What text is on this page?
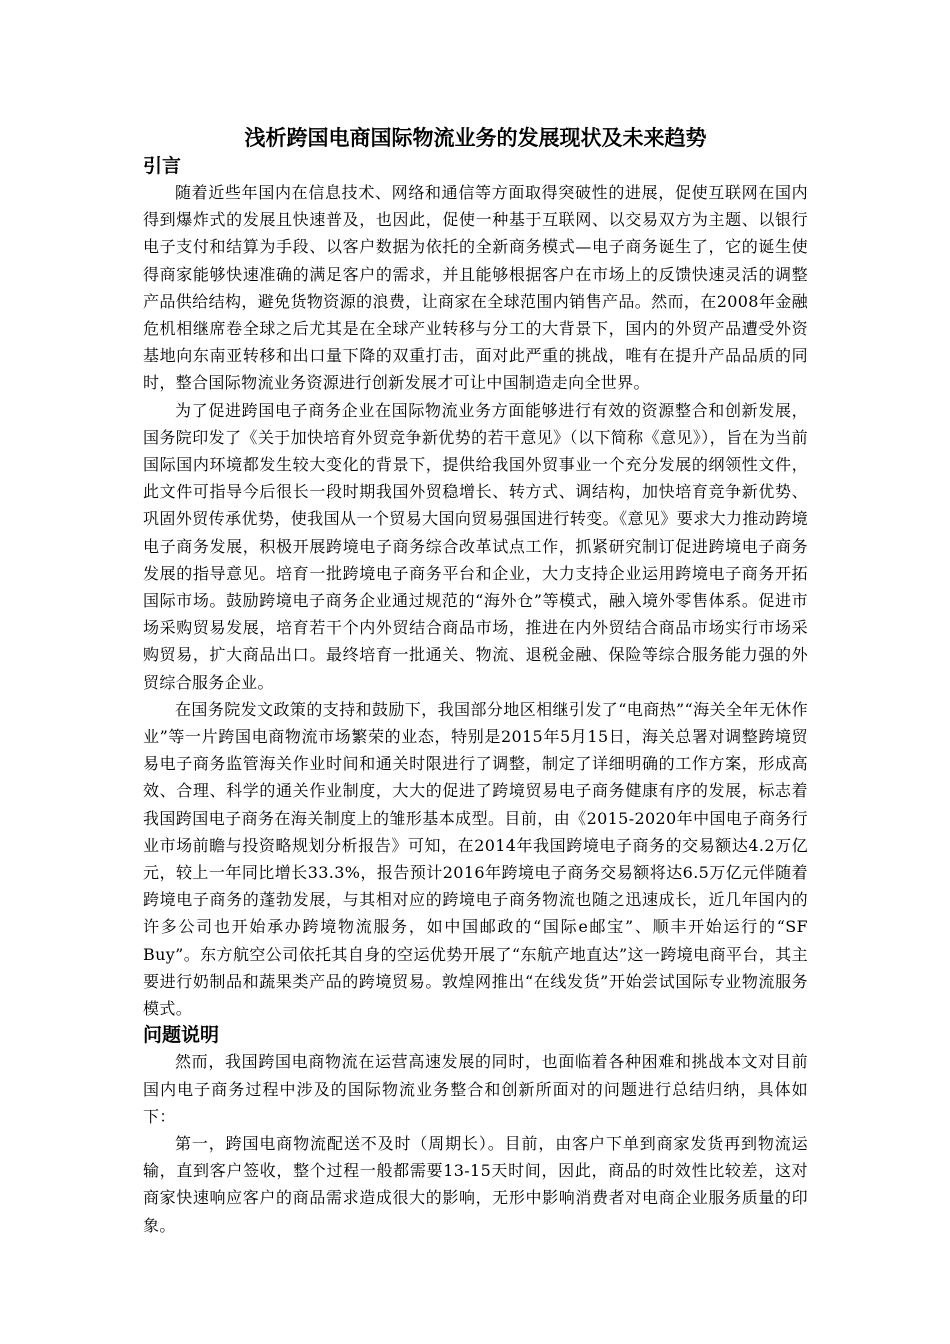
浅析跨国电商国际物流业务的发展现状及未来趋势
引言

随着近些年国内在信息技术、网络和通信等方面取得突破性的进展，促使互联网在国内得到爆炸式的发展且快速普及，也因此，促使一种基于互联网、以交易双方为主题、以银行电子支付和结算为手段、以客户数据为依托的全新商务模式—电子商务诞生了，它的诞生使得商家能够快速准确的满足客户的需求，并且能够根据客户在市场上的反馈快速灵活的调整产品供给结构，避免货物资源的浪费，让商家在全球范围内销售产品。然而，在2008年金融危机相继席卷全球之后尤其是在全球产业转移与分工的大背景下，国内的外贸产品遭受外资基地向东南亚转移和出口量下降的双重打击，面对此严重的挑战，唯有在提升产品品质的同时，整合国际物流业务资源进行创新发展才可让中国制造走向全世界。

为了促进跨国电子商务企业在国际物流业务方面能够进行有效的资源整合和创新发展，国务院印发了《关于加快培育外贸竞争新优势的若干意见》（以下简称《意见》），旨在为当前国际国内环境都发生较大变化的背景下，提供给我国外贸事业一个充分发展的纲领性文件，此文件可指导今后很长一段时期我国外贸稳增长、转方式、调结构，加快培育竞争新优势、巩固外贸传承优势，使我国从一个贸易大国向贸易强国进行转变。《意见》要求大力推动跨境电子商务发展，积极开展跨境电子商务综合改革试点工作，抓紧研究制订促进跨境电子商务发展的指导意见。培育一批跨境电子商务平台和企业，大力支持企业运用跨境电子商务开拓国际市场。鼓励跨境电子商务企业通过规范的“海外仓”等模式，融入境外零售体系。促进市场采购贸易发展，培育若干个内外贸结合商品市场，推进在内外贸结合商品市场实行市场采购贸易，扩大商品出口。最终培育一批通关、物流、退税金融、保险等综合服务能力强的外贸综合服务企业。

在国务院发文政策的支持和鼓励下，我国部分地区相继引发了“电商热”“海关全年无休作业”等一片跨国电商物流市场繁荣的业态，特别是2015年5月15日，海关总署对调整跨境贸易电子商务监管海关作业时间和通关时限进行了调整，制定了详细明确的工作方案，形成高效、合理、科学的通关作业制度，大大的促进了跨境贸易电子商务健康有序的发展，标志着我国跨国电子商务在海关制度上的雏形基本成型。目前，由《2015-2020年中国电子商务行业市场前瞻与投资略规划分析报告》可知，在2014年我国跨境电子商务的交易额达4.2万亿元，较上一年同比增长33.3%，报告预计2016年跨境电子商务交易额将达6.5万亿元伴随着跨境电子商务的蓬勃发展，与其相对应的跨境电子商务物流也随之迅速成长，近几年国内的许多公司也开始承办跨境物流服务，如中国邮政的“国际e邮宝”、顺丰开始运行的“SF Buy”。东方航空公司依托其自身的空运优势开展了“东航产地直达”这一跨境电商平台，其主要进行奶制品和蔬果类产品的跨境贸易。敦煌网推出“在线发货”开始尝试国际专业物流服务模式。

问题说明

然而，我国跨国电商物流在运营高速发展的同时，也面临着各种困难和挑战本文对目前国内电子商务过程中涉及的国际物流业务整合和创新所面对的问题进行总结归纳，具体如下：

第一，跨国电商物流配送不及时（周期长）。目前，由客户下单到商家发货再到物流运输，直到客户签收，整个过程一般都需要13-15天时间，因此，商品的时效性比较差，这对商家快速响应客户的商品需求造成很大的影响，无形中影响消费者对电商企业服务质量的印象。
